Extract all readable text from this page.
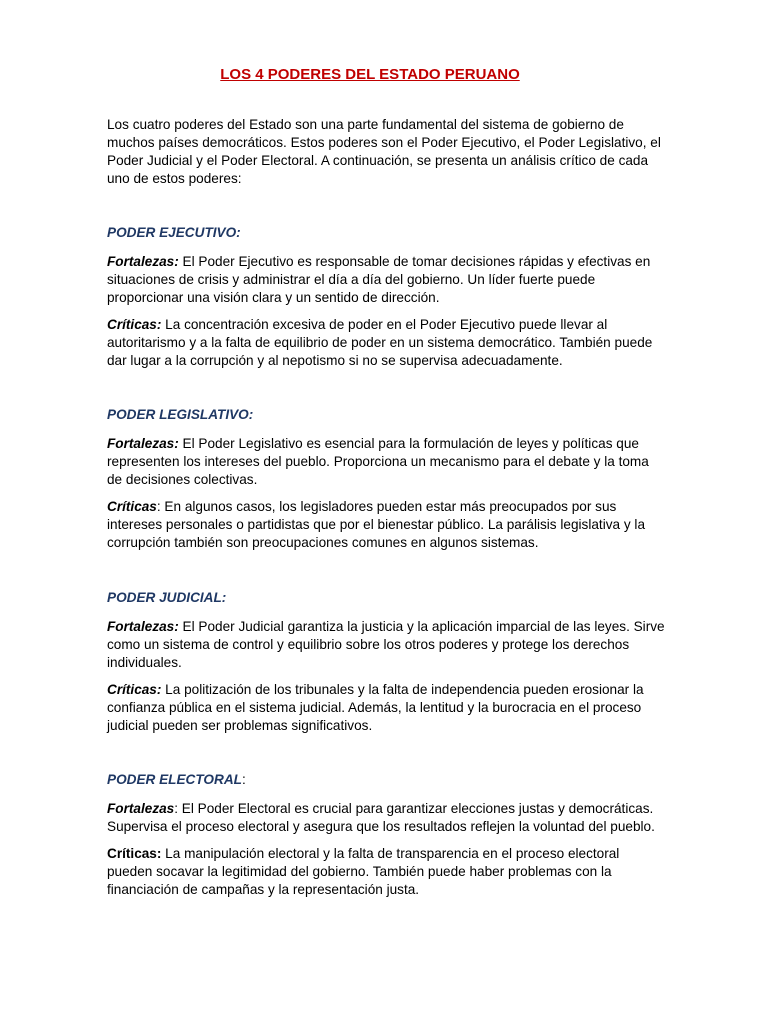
LOS 4 PODERES DEL ESTADO PERUANO

Los cuatro poderes del Estado son una parte fundamental del sistema de gobierno de muchos países democráticos. Estos poderes son el Poder Ejecutivo, el Poder Legislativo, el Poder Judicial y el Poder Electoral. A continuación, se presenta un análisis crítico de cada uno de estos poderes:

PODER EJECUTIVO:

Fortalezas: El Poder Ejecutivo es responsable de tomar decisiones rápidas y efectivas en situaciones de crisis y administrar el día a día del gobierno. Un líder fuerte puede proporcionar una visión clara y un sentido de dirección.

Críticas: La concentración excesiva de poder en el Poder Ejecutivo puede llevar al autoritarismo y a la falta de equilibrio de poder en un sistema democrático. También puede dar lugar a la corrupción y al nepotismo si no se supervisa adecuadamente.

PODER LEGISLATIVO:

Fortalezas: El Poder Legislativo es esencial para la formulación de leyes y políticas que representen los intereses del pueblo. Proporciona un mecanismo para el debate y la toma de decisiones colectivas.

Críticas: En algunos casos, los legisladores pueden estar más preocupados por sus intereses personales o partidistas que por el bienestar público. La parálisis legislativa y la corrupción también son preocupaciones comunes en algunos sistemas.

PODER JUDICIAL:

Fortalezas: El Poder Judicial garantiza la justicia y la aplicación imparcial de las leyes. Sirve como un sistema de control y equilibrio sobre los otros poderes y protege los derechos individuales.

Críticas: La politización de los tribunales y la falta de independencia pueden erosionar la confianza pública en el sistema judicial. Además, la lentitud y la burocracia en el proceso judicial pueden ser problemas significativos.

PODER ELECTORAL:

Fortalezas: El Poder Electoral es crucial para garantizar elecciones justas y democráticas. Supervisa el proceso electoral y asegura que los resultados reflejen la voluntad del pueblo.

Críticas: La manipulación electoral y la falta de transparencia en el proceso electoral pueden socavar la legitimidad del gobierno. También puede haber problemas con la financiación de campañas y la representación justa.
